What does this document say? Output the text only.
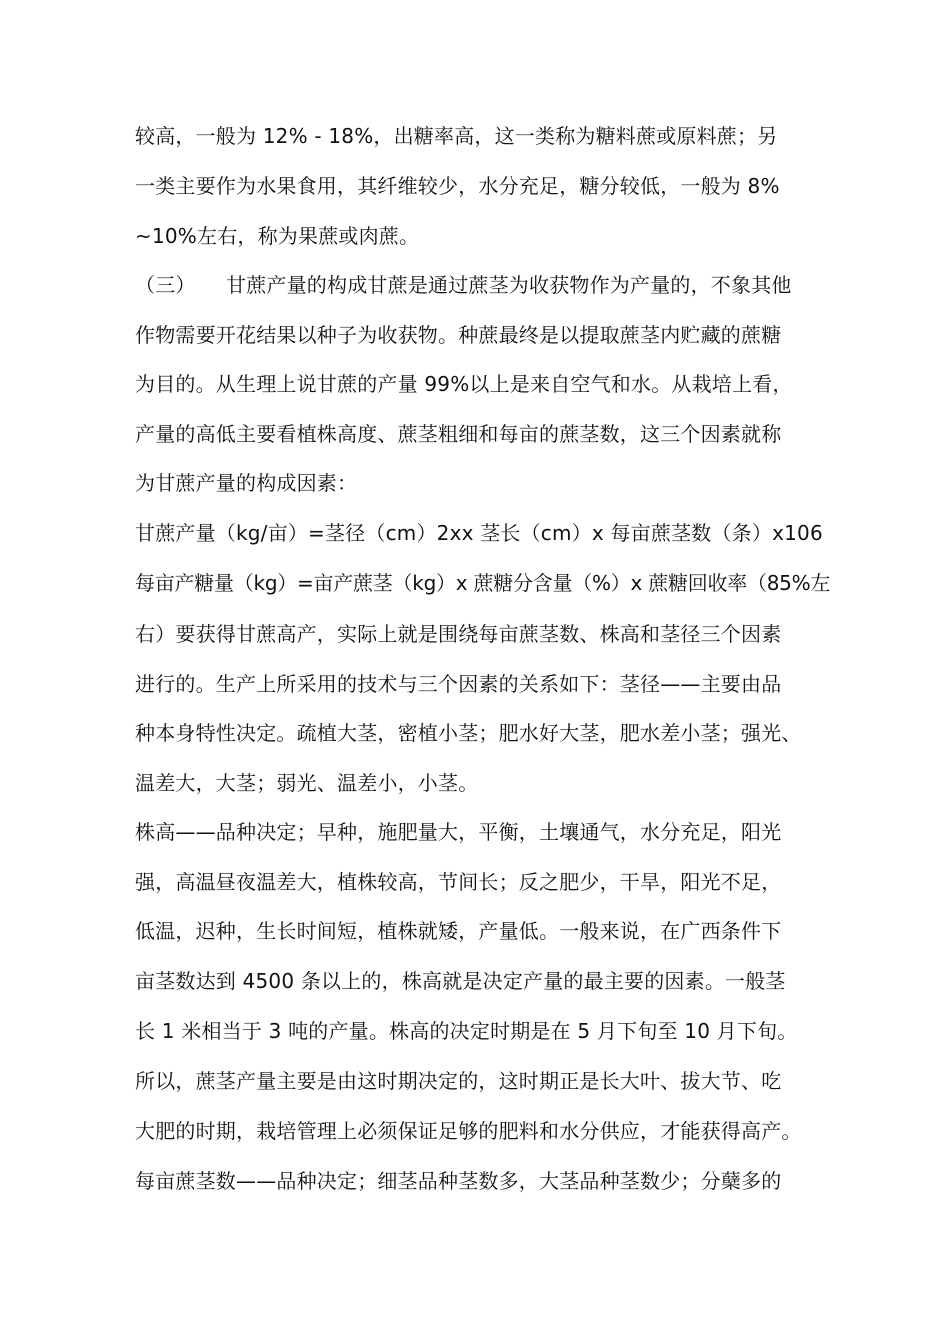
较高，一般为 12% - 18%，出糖率高，这一类称为糖料蔗或原料蔗；另
一类主要作为水果食用，其纤维较少，水分充足，糖分较低，一般为 8%
~10%左右，称为果蔗或肉蔗。
（三）　　甘蔗产量的构成甘蔗是通过蔗茎为收获物作为产量的，不象其他
作物需要开花结果以种子为收获物。种蔗最终是以提取蔗茎内贮藏的蔗糖
为目的。从生理上说甘蔗的产量 99%以上是来自空气和水。从栽培上看，
产量的高低主要看植株高度、蔗茎粗细和每亩的蔗茎数，这三个因素就称
为甘蔗产量的构成因素：
甘蔗产量（kg/亩）=茎径（cm）2xx 茎长（cm）x 每亩蔗茎数（条）x106
每亩产糖量（kg）=亩产蔗茎（kg）x 蔗糖分含量（%）x 蔗糖回收率（85%左
右）要获得甘蔗高产，实际上就是围绕每亩蔗茎数、株高和茎径三个因素
进行的。生产上所采用的技术与三个因素的关系如下：茎径——主要由品
种本身特性决定。疏植大茎，密植小茎；肥水好大茎，肥水差小茎；强光、
温差大，大茎；弱光、温差小，小茎。
株高——品种决定；早种，施肥量大，平衡，土壤通气，水分充足，阳光
强，高温昼夜温差大，植株较高，节间长；反之肥少，干旱，阳光不足，
低温，迟种，生长时间短，植株就矮，产量低。一般来说，在广西条件下
亩茎数达到 4500 条以上的，株高就是决定产量的最主要的因素。一般茎
长 1 米相当于 3 吨的产量。株高的决定时期是在 5 月下旬至 10 月下旬。
所以，蔗茎产量主要是由这时期决定的，这时期正是长大叶、拔大节、吃
大肥的时期，栽培管理上必须保证足够的肥料和水分供应，才能获得高产。
每亩蔗茎数——品种决定；细茎品种茎数多，大茎品种茎数少；分蘖多的
